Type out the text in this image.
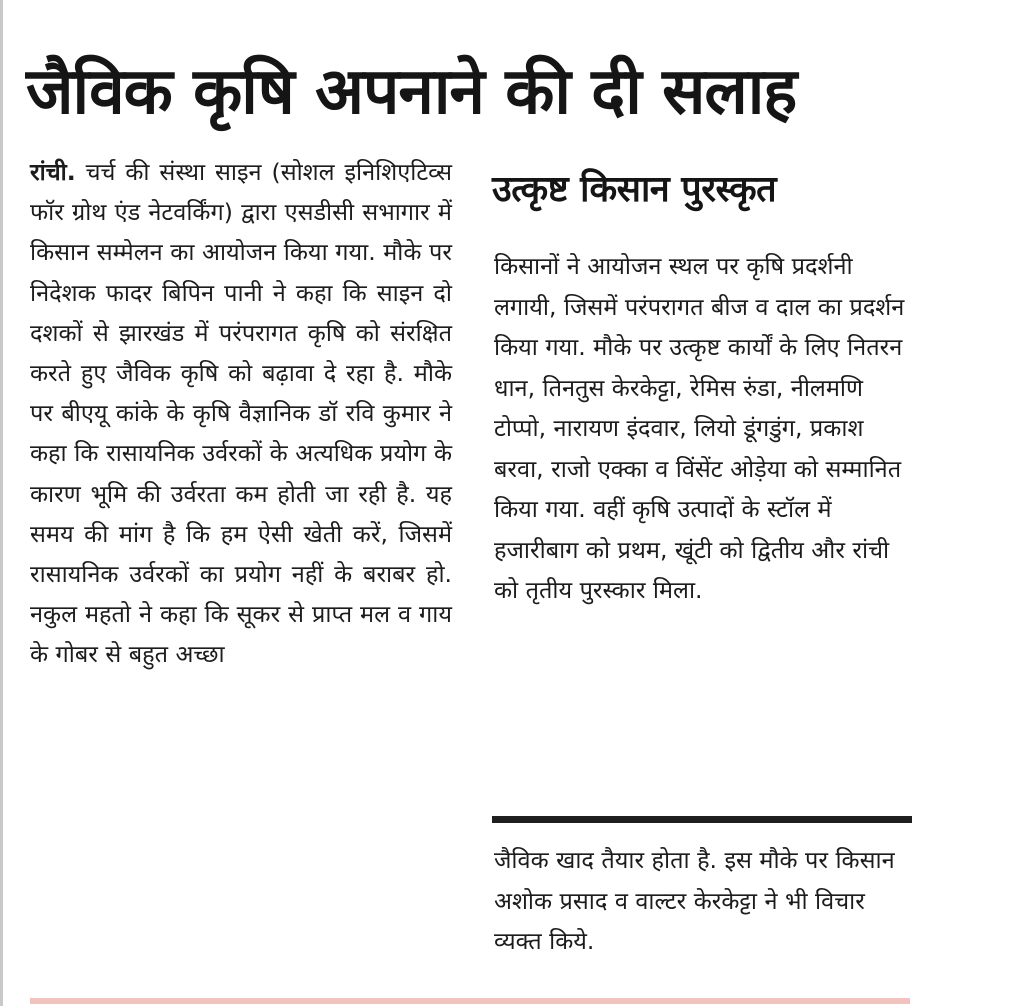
जैविक कृषि अपनाने की दी सलाह
रांची. चर्च की संस्था साइन (सोशल इनिशिएटिव्स फॉर ग्रोथ एंड नेटवर्किंग) द्वारा एसडीसी सभागार में किसान सम्मेलन का आयोजन किया गया. मौके पर निदेशक फादर बिपिन पानी ने कहा कि साइन दो दशकों से झारखंड में परंपरागत कृषि को संरक्षित करते हुए जैविक कृषि को बढ़ावा दे रहा है. मौके पर बीएयू कांके के कृषि वैज्ञानिक डॉ रवि कुमार ने कहा कि रासायनिक उर्वरकों के अत्यधिक प्रयोग के कारण भूमि की उर्वरता कम होती जा रही है. यह समय की मांग है कि हम ऐसी खेती करें, जिसमें रासायनिक उर्वरकों का प्रयोग नहीं के बराबर हो. नकुल महतो ने कहा कि सूकर से प्राप्त मल व गाय के गोबर से बहुत अच्छा
उत्कृष्ट किसान पुरस्कृत
किसानों ने आयोजन स्थल पर कृषि प्रदर्शनी लगायी, जिसमें परंपरागत बीज व दाल का प्रदर्शन किया गया. मौके पर उत्कृष्ट कार्यों के लिए नितरन धान, तिनतुस केरकेट्टा, रेमिस रुंडा, नीलमणि टोप्पो, नारायण इंदवार, लियो डूंगडुंग, प्रकाश बरवा, राजो एक्का व विंसेंट ओड़ेया को सम्मानित किया गया. वहीं कृषि उत्पादों के स्टॉल में हजारीबाग को प्रथम, खूंटी को द्वितीय और रांची को तृतीय पुरस्कार मिला.
जैविक खाद तैयार होता है. इस मौके पर किसान अशोक प्रसाद व वाल्टर केरकेट्टा ने भी विचार व्यक्त किये.
